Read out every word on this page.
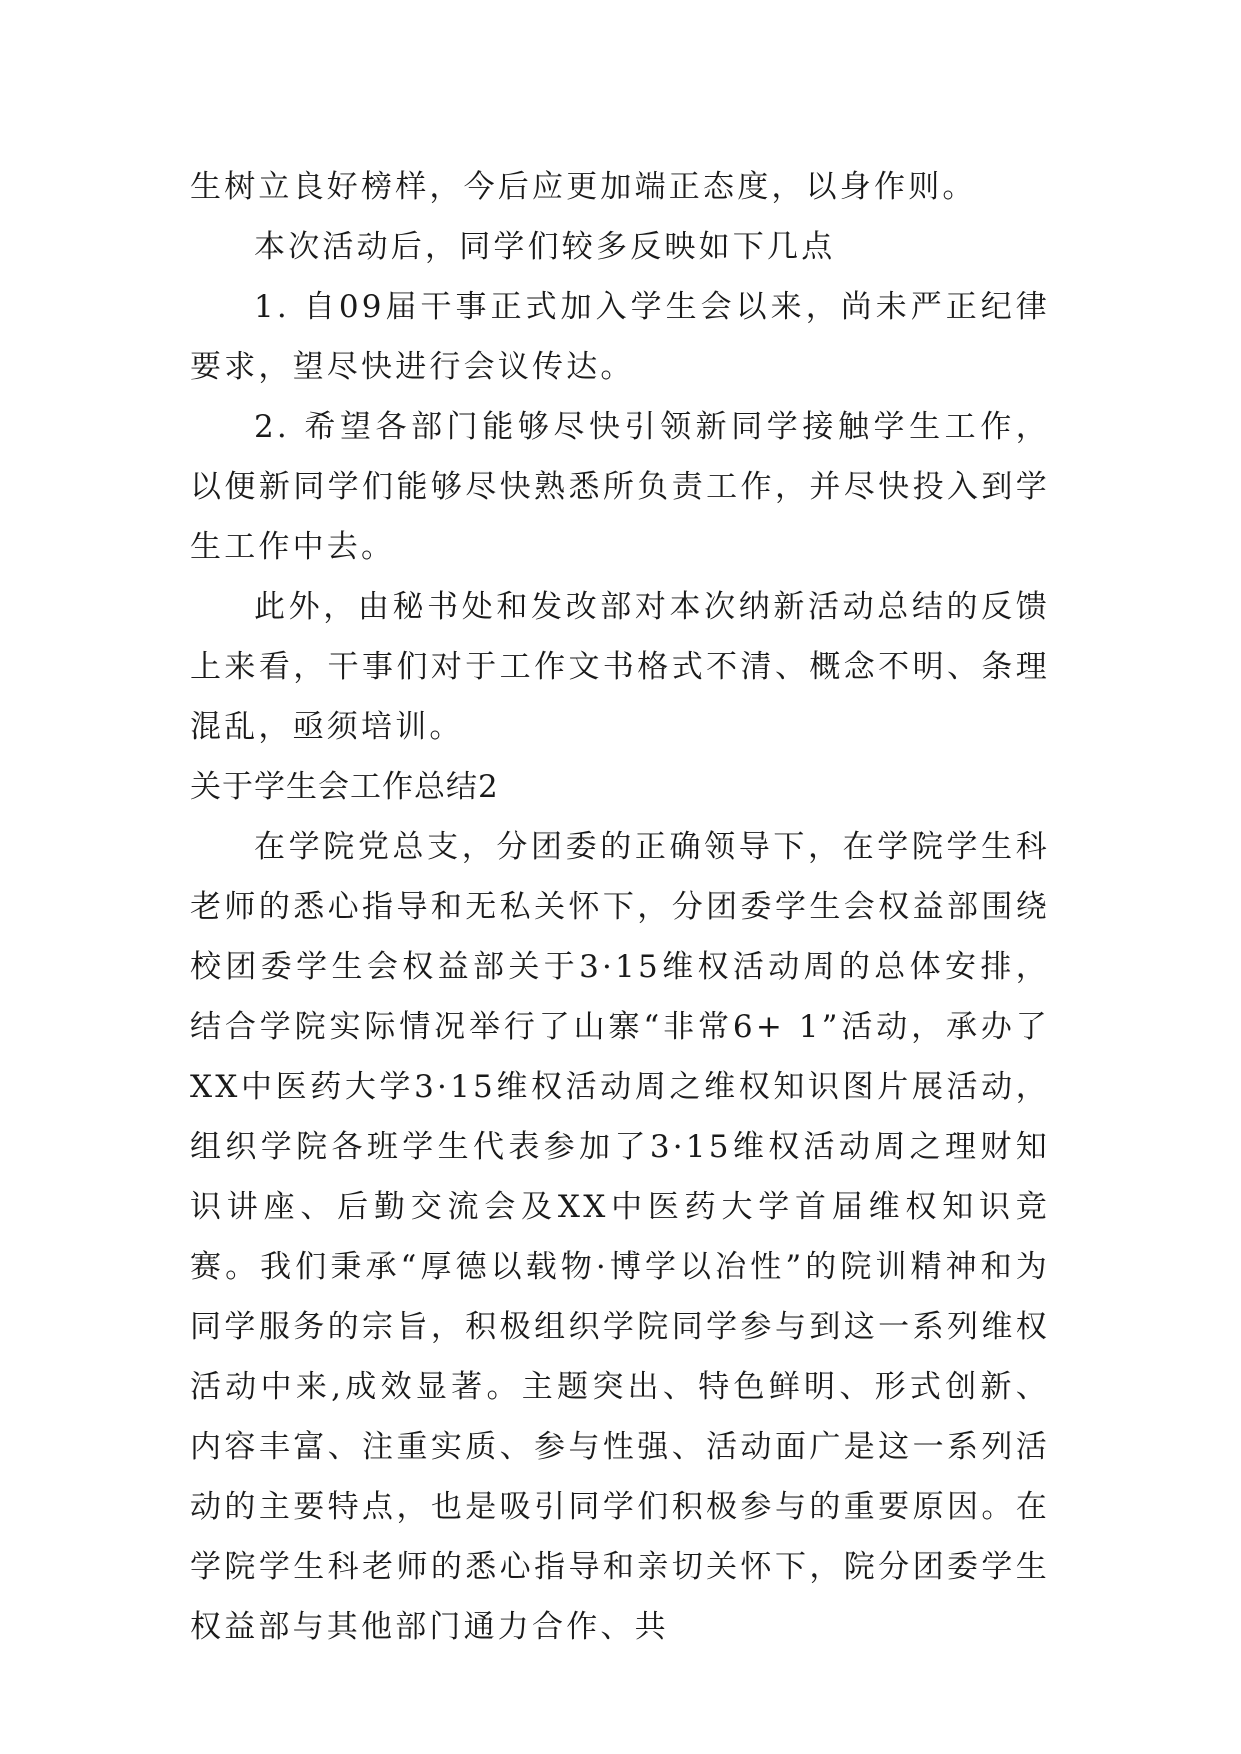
生树立良好榜样，今后应更加端正态度，以身作则。

本次活动后，同学们较多反映如下几点

1. 自09届干事正式加入学生会以来，尚未严正纪律要求，望尽快进行会议传达。

2. 希望各部门能够尽快引领新同学接触学生工作，以便新同学们能够尽快熟悉所负责工作，并尽快投入到学生工作中去。

此外，由秘书处和发改部对本次纳新活动总结的反馈上来看，干事们对于工作文书格式不清、概念不明、条理混乱，亟须培训。

关于学生会工作总结2

在学院党总支，分团委的正确领导下，在学院学生科老师的悉心指导和无私关怀下，分团委学生会权益部围绕校团委学生会权益部关于3·15维权活动周的总体安排，结合学院实际情况举行了山寨“非常6+ 1”活动，承办了XX中医药大学3·15维权活动周之维权知识图片展活动，组织学院各班学生代表参加了3·15维权活动周之理财知识讲座、后勤交流会及XX中医药大学首届维权知识竞赛。我们秉承“厚德以载物·博学以冶性”的院训精神和为同学服务的宗旨，积极组织学院同学参与到这一系列维权活动中来,成效显著。主题突出、特色鲜明、形式创新、内容丰富、注重实质、参与性强、活动面广是这一系列活动的主要特点，也是吸引同学们积极参与的重要原因。在学院学生科老师的悉心指导和亲切关怀下，院分团委学生权益部与其他部门通力合作、共
